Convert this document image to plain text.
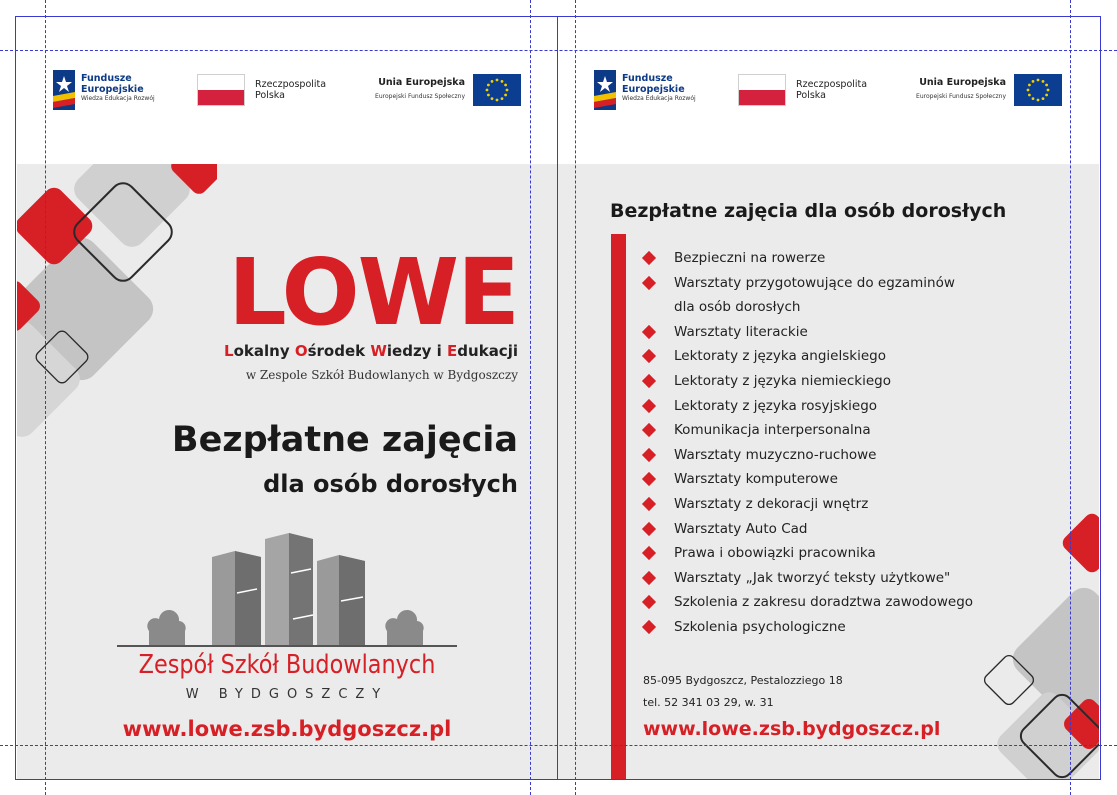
Fundusze
Europejskie
Wiedza Edukacja Rozwój
Rzeczpospolita
Polska
Unia Europejska
Europejski Fundusz Społeczny
LOWE
Lokalny Ośrodek Wiedzy i Edukacji
w Zespole Szkół Budowlanych w Bydgoszczy
Bezpłatne zajęcia
dla osób dorosłych
Zespół Szkół Budowlanych
W BYDGOSZCZY
www.lowe.zsb.bydgoszcz.pl
Fundusze
Europejskie
Wiedza Edukacja Rozwój
Rzeczpospolita
Polska
Unia Europejska
Europejski Fundusz Społeczny
Bezpłatne zajęcia dla osób dorosłych
Bezpieczni na rowerze
Warsztaty przygotowujące do egzaminów
dla osób dorosłych
Warsztaty literackie
Lektoraty z języka angielskiego
Lektoraty z języka niemieckiego
Lektoraty z języka rosyjskiego
Komunikacja interpersonalna
Warsztaty muzyczno-ruchowe
Warsztaty komputerowe
Warsztaty z dekoracji wnętrz
Warsztaty Auto Cad
Prawa i obowiązki pracownika
Warsztaty „Jak tworzyć teksty użytkowe"
Szkolenia z zakresu doradztwa zawodowego
Szkolenia psychologiczne
85-095 Bydgoszcz, Pestalozziego 18
tel. 52 341 03 29, w. 31
www.lowe.zsb.bydgoszcz.pl
